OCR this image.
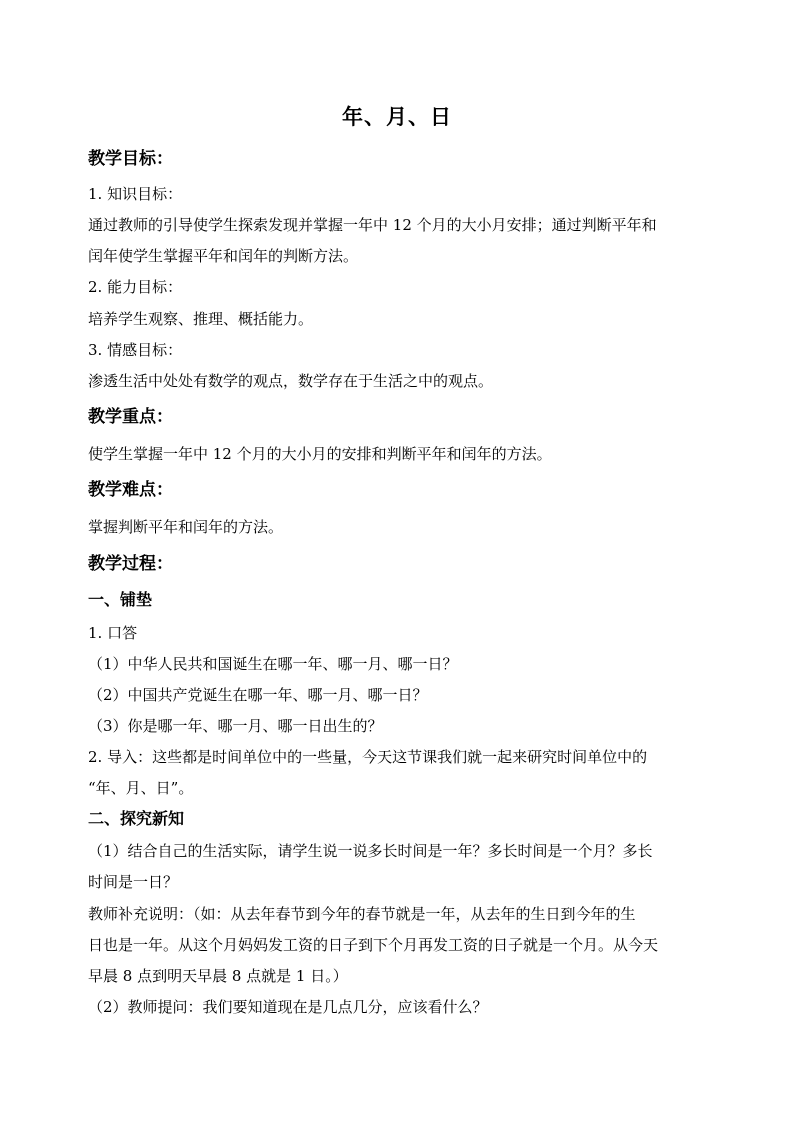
年、月、日
教学目标：
1. 知识目标：
通过教师的引导使学生探索发现并掌握一年中 12 个月的大小月安排；通过判断平年和
闰年使学生掌握平年和闰年的判断方法。
2. 能力目标：
培养学生观察、推理、概括能力。
3. 情感目标：
渗透生活中处处有数学的观点，数学存在于生活之中的观点。
教学重点：
使学生掌握一年中 12 个月的大小月的安排和判断平年和闰年的方法。
教学难点：
掌握判断平年和闰年的方法。
教学过程：
一、铺垫
1. 口答
（1）中华人民共和国诞生在哪一年、哪一月、哪一日？
（2）中国共产党诞生在哪一年、哪一月、哪一日？
（3）你是哪一年、哪一月、哪一日出生的？
2. 导入：这些都是时间单位中的一些量，今天这节课我们就一起来研究时间单位中的
“年、月、日”。
二、探究新知
（1）结合自己的生活实际，请学生说一说多长时间是一年？多长时间是一个月？多长
时间是一日？
教师补充说明：（如：从去年春节到今年的春节就是一年，从去年的生日到今年的生
日也是一年。从这个月妈妈发工资的日子到下个月再发工资的日子就是一个月。从今天
早晨 8 点到明天早晨 8 点就是 1 日。）
（2）教师提问：我们要知道现在是几点几分，应该看什么？
